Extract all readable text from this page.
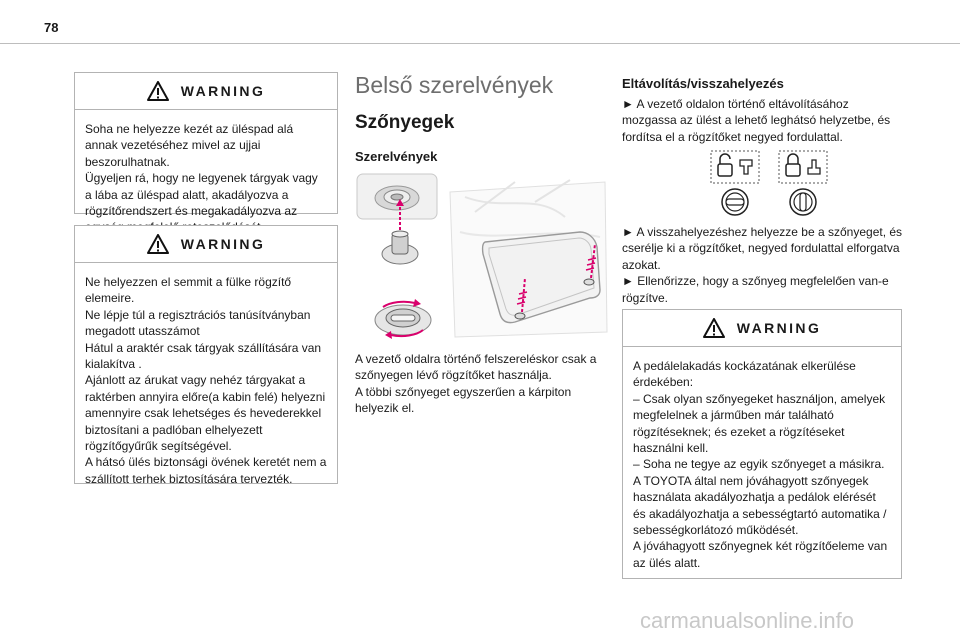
78
WARNING
Soha ne helyezze kezét az üléspad alá annak vezetéséhez mivel az ujjai beszorulhatnak.
Ügyeljen rá, hogy ne legyenek tárgyak vagy a lába az üléspad alatt, akadályozva a rögzítőrendszert és megakadályozva az
WARNING
Ne helyezzen el semmit a fülke rögzítő elemeire.
Ne lépje túl a regisztrációs tanúsítványban megadott utasszámot
Hátul a araktér csak tárgyak szállítására van kialakítva .
Ajánlott az árukat vagy nehéz tárgyakat a raktérben annyira előre(a kabin felé) helyezni amennyire csak lehetséges és hevederekkel biztosítani a padlóban elhelyezett rögzítőgyűrűk segítségével.
A hátsó ülés biztonsági övének keretét nem a szállított terhek biztosítására tervezték.
Belső szerelvények
Szőnyegek
Szerelvények
A vezető oldalra történő felszereléskor csak a szőnyegen lévő rögzítőket használja.
A többi szőnyeget egyszerűen a kárpiton helyezik el.
Eltávolítás/visszahelyezés
► A vezető oldalon történő eltávolításához mozgassa az ülést a lehető leghátsó helyzetbe, és fordítsa el a rögzítőket negyed fordulattal.
► A visszahelyezéshez helyezze be a szőnyeget, és cserélje ki a rögzítőket, negyed fordulattal elforgatva azokat.
► Ellenőrizze, hogy a szőnyeg megfelelően van-e rögzítve.
WARNING
A pedálelakadás kockázatának elkerülése érdekében:
– Csak olyan szőnyegeket használjon, amelyek megfelelnek a járműben már található rögzítéseknek; és ezeket a rögzítéseket használni kell.
– Soha ne tegye az egyik szőnyeget a másikra.
A TOYOTA által nem jóváhagyott szőnyegek használata akadályozhatja a pedálok elérését és akadályozhatja a sebességtartó automatika / sebességkorlátozó működését.
A jóváhagyott szőnyegnek két rögzítőeleme van az ülés alatt.
carmanualsonline.info
